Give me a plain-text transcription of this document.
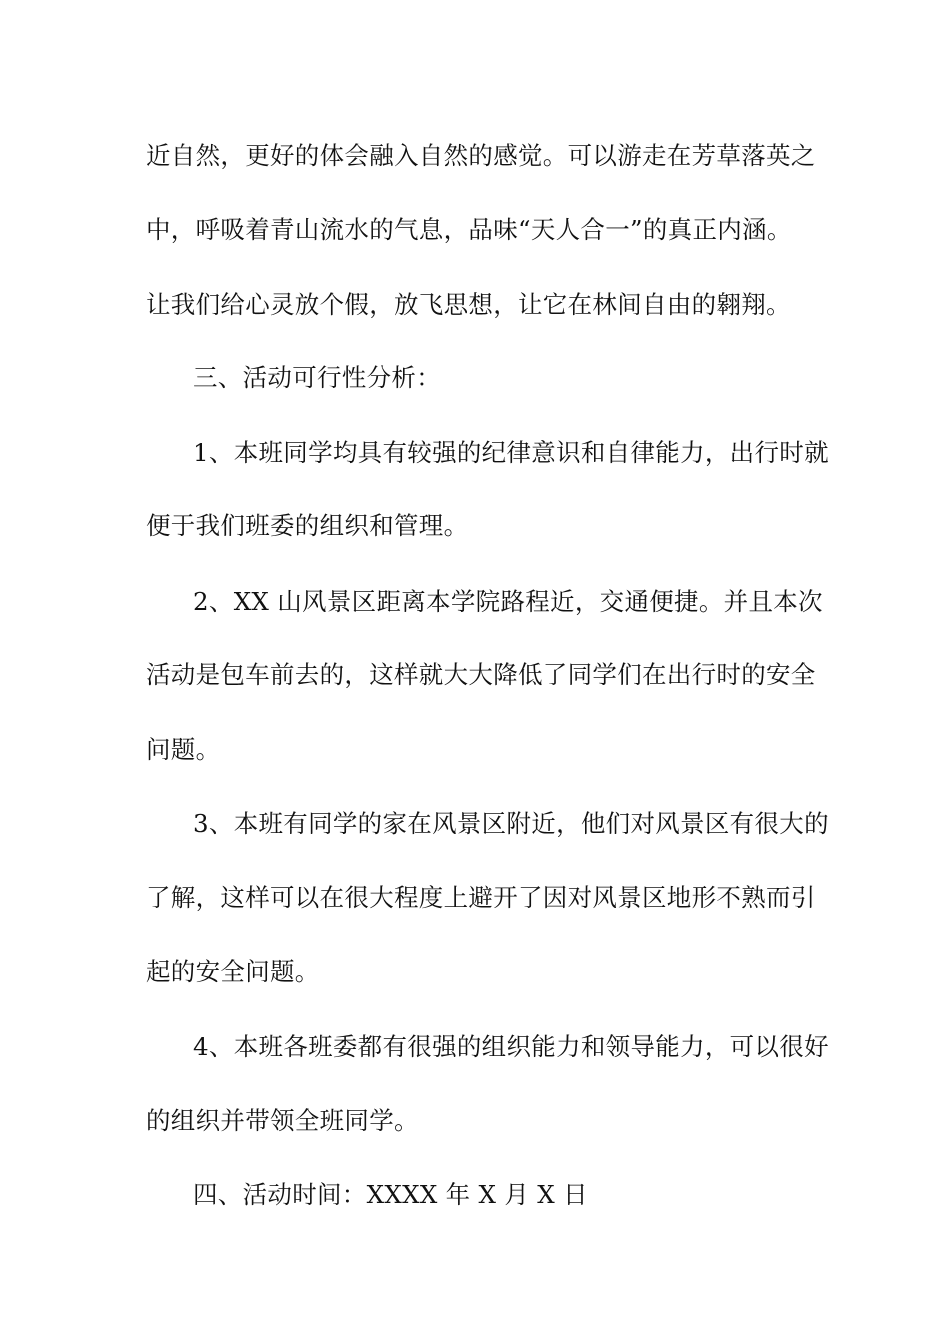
近自然，更好的体会融入自然的感觉。可以游走在芳草落英之
中，呼吸着青山流水的气息，品味“天人合一”的真正内涵。
让我们给心灵放个假，放飞思想，让它在林间自由的翱翔。
三、活动可行性分析：
1、本班同学均具有较强的纪律意识和自律能力，出行时就
便于我们班委的组织和管理。
2、XX 山风景区距离本学院路程近，交通便捷。并且本次
活动是包车前去的，这样就大大降低了同学们在出行时的安全
问题。
3、本班有同学的家在风景区附近，他们对风景区有很大的
了解，这样可以在很大程度上避开了因对风景区地形不熟而引
起的安全问题。
4、本班各班委都有很强的组织能力和领导能力，可以很好
的组织并带领全班同学。
四、活动时间：XXXX 年 X 月 X 日
